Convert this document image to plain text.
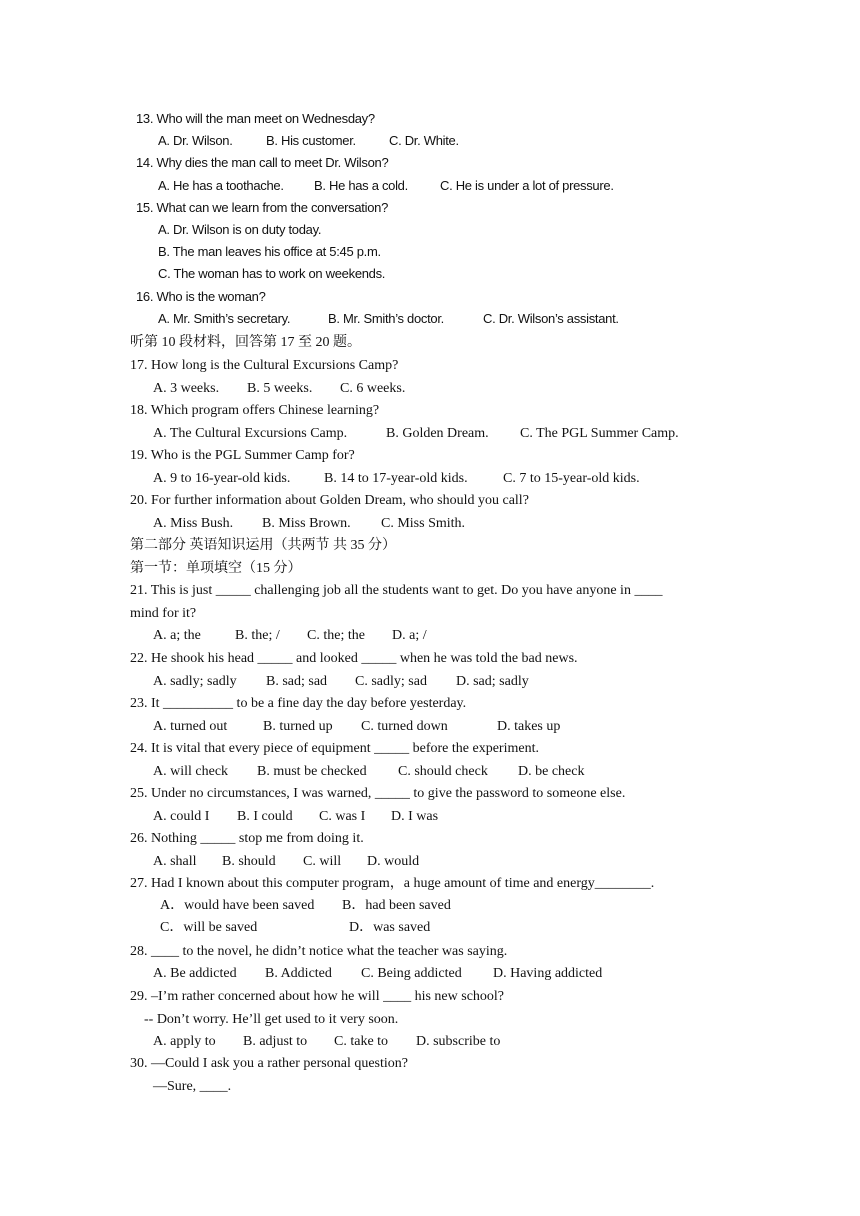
13. Who will the man meet on Wednesday?
A. Dr. Wilson.	B. His customer.	C. Dr. White.
14. Why dies the man call to meet Dr. Wilson?
A. He has a toothache. B. He has a cold. C. He is under a lot of pressure.
15. What can we learn from the conversation?
A. Dr. Wilson is on duty today.
B. The man leaves his office at 5:45 p.m.
C. The woman has to work on weekends.
16. Who is the woman?
A. Mr. Smith’s secretary.	B. Mr. Smith’s doctor.	C. Dr. Wilson’s assistant.
听第 10 段材料，回答第 17 至 20 题。
17. How long is the Cultural Excursions Camp?
A. 3 weeks. B. 5 weeks. C. 6 weeks.
18. Which program offers Chinese learning?
A. The Cultural Excursions Camp.	B. Golden Dream. C. The PGL Summer Camp.
19. Who is the PGL Summer Camp for?
A. 9 to 16-year-old kids. B. 14 to 17-year-old kids.	C. 7 to 15-year-old kids.
20. For further information about Golden Dream, who should you call?
A. Miss Bush. B. Miss Brown. C. Miss Smith.
第二部分 英语知识运用（共两节 共 35 分）
第一节：单项填空（15 分）
21. This is just _____ challenging job all the students want to get. Do you have anyone in ____
mind for it?
A. a; the B. the; / C. the; the D. a; /
22. He shook his head _____ and looked _____ when he was told the bad news.
A. sadly; sadly B. sad; sad C. sadly; sad D. sad; sadly
23. It __________ to be a fine day the day before yesterday.
A. turned out	B. turned up C. turned down	D. takes up
24. It is vital that every piece of equipment _____ before the experiment.
A. will check B. must be checked C. should check D. be check
25. Under no circumstances, I was warned, _____ to give the password to someone else.
A. could I B. I could C. was I D. I was
26. Nothing _____ stop me from doing it.
A. shall B. should C. will D. would
27. Had I known about this computer program，a huge amount of time and energy________.
A．would have been saved B．had been saved
C．will be saved	D．was saved
28. ____ to the novel, he didn’t notice what the teacher was saying.
A. Be addicted B. Addicted C. Being addicted D. Having addicted
29. –I’m rather concerned about how he will ____ his new school?
-- Don’t worry. He’ll get used to it very soon.
A. apply to B. adjust to C. take to D. subscribe to
30. —Could I ask you a rather personal question?
—Sure, ____.
